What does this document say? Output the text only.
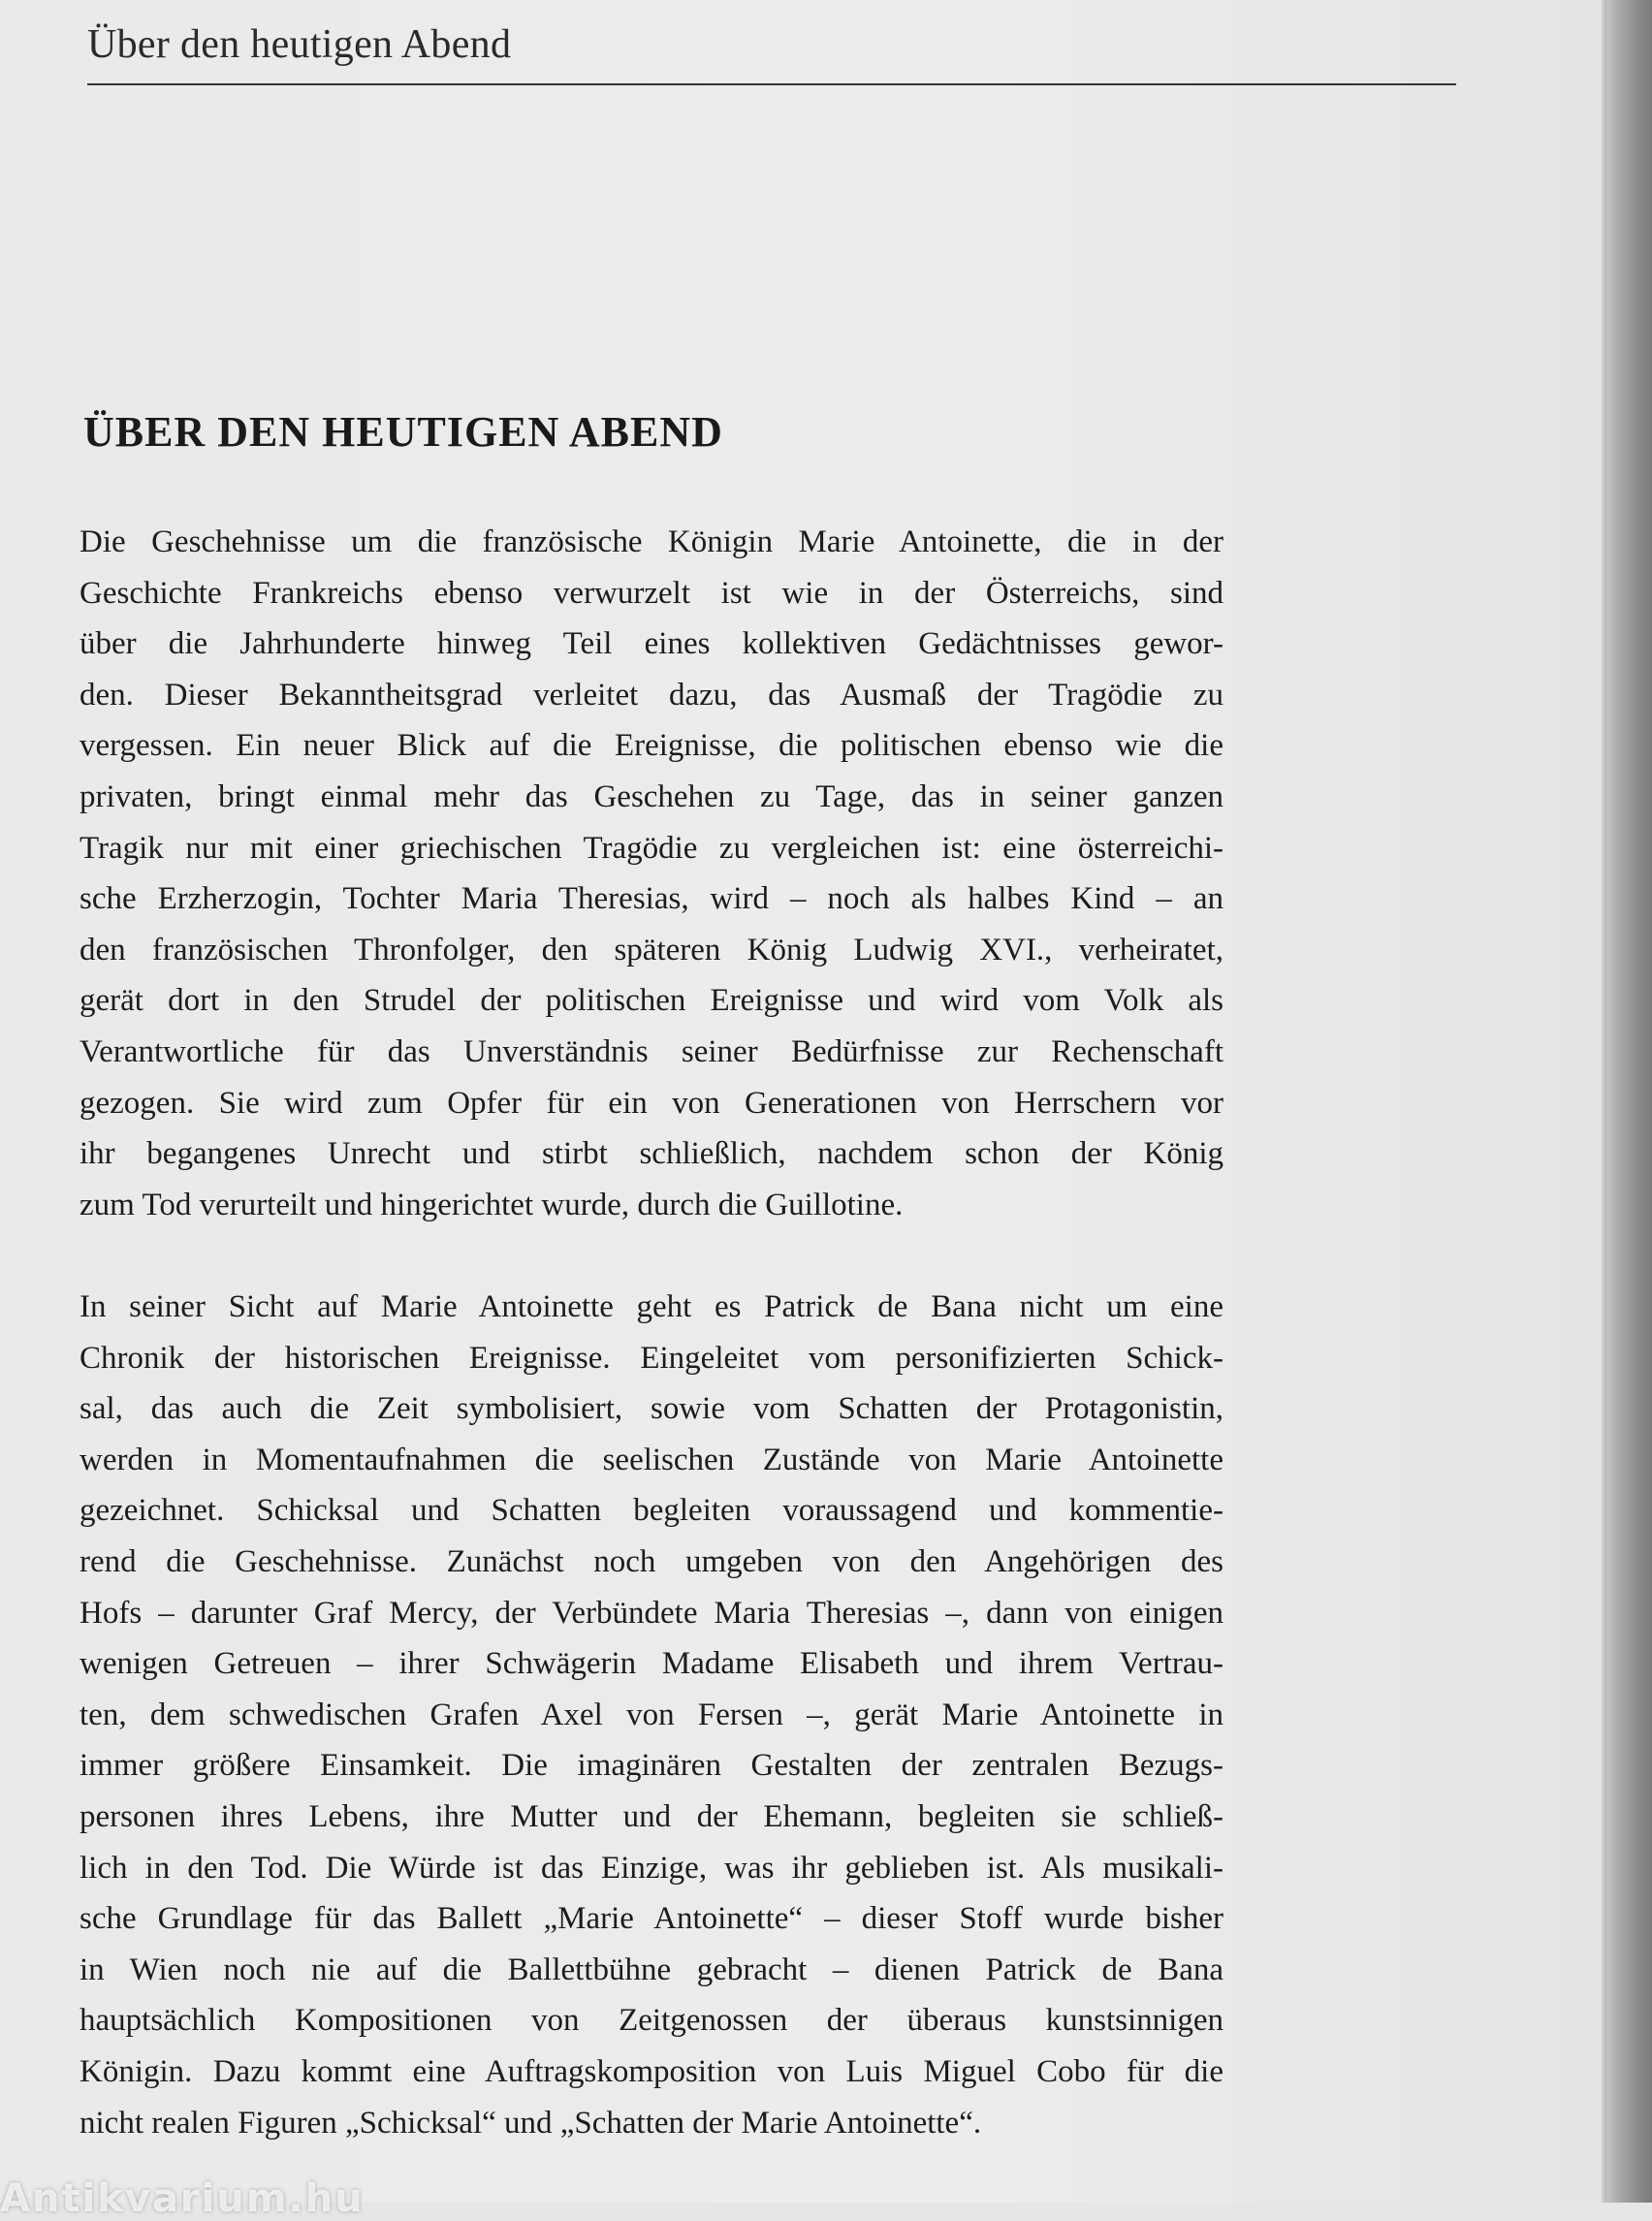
Über den heutigen Abend
ÜBER DEN HEUTIGEN ABEND
Die Geschehnisse um die französische Königin Marie Antoinette, die in der
Geschichte Frankreichs ebenso verwurzelt ist wie in der Österreichs, sind
über die Jahrhunderte hinweg Teil eines kollektiven Gedächtnisses gewor-
den. Dieser Bekanntheitsgrad verleitet dazu, das Ausmaß der Tragödie zu
vergessen. Ein neuer Blick auf die Ereignisse, die politischen ebenso wie die
privaten, bringt einmal mehr das Geschehen zu Tage, das in seiner ganzen
Tragik nur mit einer griechischen Tragödie zu vergleichen ist: eine österreichi-
sche Erzherzogin, Tochter Maria Theresias, wird – noch als halbes Kind – an
den französischen Thronfolger, den späteren König Ludwig XVI., verheiratet,
gerät dort in den Strudel der politischen Ereignisse und wird vom Volk als
Verantwortliche für das Unverständnis seiner Bedürfnisse zur Rechenschaft
gezogen. Sie wird zum Opfer für ein von Generationen von Herrschern vor
ihr begangenes Unrecht und stirbt schließlich, nachdem schon der König
zum Tod verurteilt und hingerichtet wurde, durch die Guillotine.
In seiner Sicht auf Marie Antoinette geht es Patrick de Bana nicht um eine
Chronik der historischen Ereignisse. Eingeleitet vom personifizierten Schick-
sal, das auch die Zeit symbolisiert, sowie vom Schatten der Protagonistin,
werden in Momentaufnahmen die seelischen Zustände von Marie Antoinette
gezeichnet. Schicksal und Schatten begleiten voraussagend und kommentie-
rend die Geschehnisse. Zunächst noch umgeben von den Angehörigen des
Hofs – darunter Graf Mercy, der Verbündete Maria Theresias –, dann von einigen
wenigen Getreuen – ihrer Schwägerin Madame Elisabeth und ihrem Vertrau-
ten, dem schwedischen Grafen Axel von Fersen –, gerät Marie Antoinette in
immer größere Einsamkeit. Die imaginären Gestalten der zentralen Bezugs-
personen ihres Lebens, ihre Mutter und der Ehemann, begleiten sie schließ-
lich in den Tod. Die Würde ist das Einzige, was ihr geblieben ist. Als musikali-
sche Grundlage für das Ballett „Marie Antoinette“ – dieser Stoff wurde bisher
in Wien noch nie auf die Ballettbühne gebracht – dienen Patrick de Bana
hauptsächlich Kompositionen von Zeitgenossen der überaus kunstsinnigen
Königin. Dazu kommt eine Auftragskomposition von Luis Miguel Cobo für die
nicht realen Figuren „Schicksal“ und „Schatten der Marie Antoinette“.
Antikvarium.hu
